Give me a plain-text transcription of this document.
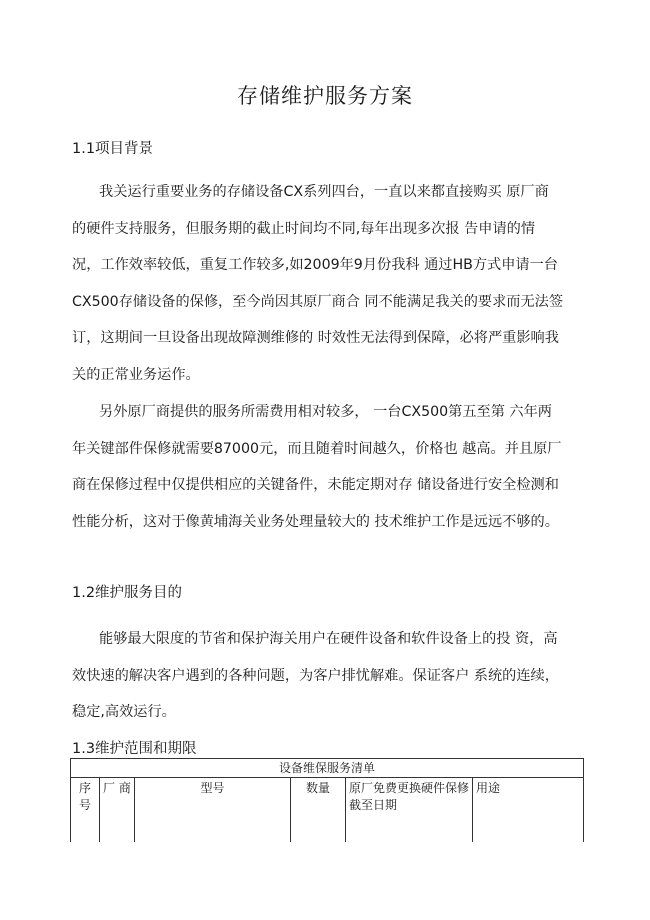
存储维护服务方案
1.1项目背景
我关运行重要业务的存储设备CX系列四台，一直以来都直接购买 原厂商
的硬件支持服务，但服务期的截止时间均不同,每年出现多次报 告申请的情
况，工作效率较低，重复工作较多,如2009年9月份我科 通过HB方式申请一台
CX500存储设备的保修，至今尚因其原厂商合 同不能满足我关的要求而无法签
订，这期间一旦设备出现故障测维修的 时效性无法得到保障，必将严重影响我
关的正常业务运作。
另外原厂商提供的服务所需费用相对较多， 一台CX500第五至第 六年两
年关键部件保修就需要87000元，而且随着时间越久，价格也 越高。并且原厂
商在保修过程中仅提供相应的关键备件，未能定期对存 储设备进行安全检测和
性能分析，这对于像黄埔海关业务处理量较大的 技术维护工作是远远不够的。
1.2维护服务目的
能够最大限度的节省和保护海关用户在硬件设备和软件设备上的投 资，高
效快速的解决客户遇到的各种问题，为客户排忧解难。保证客户 系统的连续，
稳定,高效运行。
1.3维护范围和期限
设备维保服务清单
序号	厂 商	型号	数量	原厂免费更换硬件保修截至日期	用途
